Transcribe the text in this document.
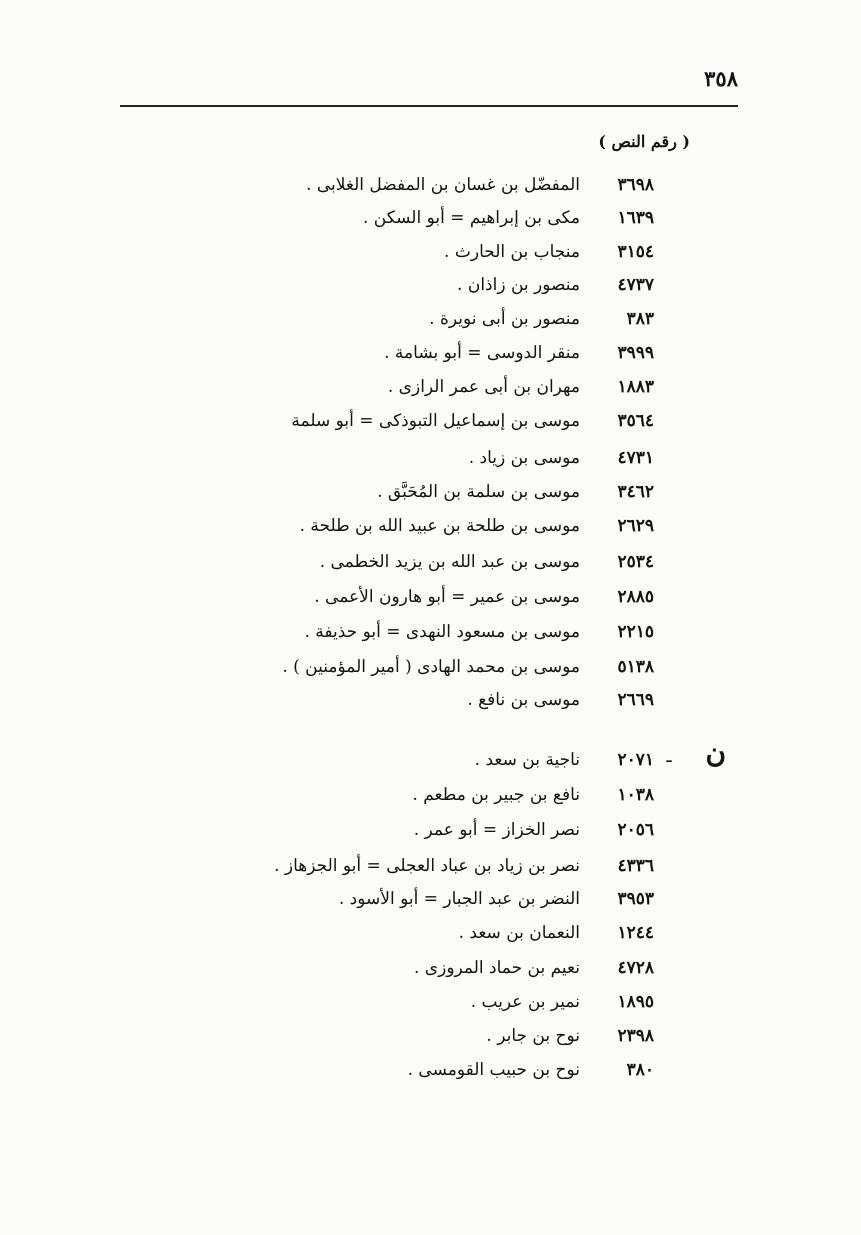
٣٥٨
( رقم النص )
ن
ـ
٣٦٩٨
المفضّل بن غسان بن المفضل الغلابى .
١٦٣٩
مكى بن إبراهيم = أبو السكن .
٣١٥٤
منجاب بن الحارث .
٤٧٣٧
منصور بن زاذان .
٣٨٣
منصور بن أبى نويرة .
٣٩٩٩
منقر الدوسى = أبو بشامة .
١٨٨٣
مهران بن أبى عمر الرازى .
٣٥٦٤
موسى بن إسماعيل التبوذكى = أبو سلمة
٤٧٣١
موسى بن زياد .
٣٤٦٢
موسى بن سلمة بن المُحَبَّق .
٢٦٢٩
موسى بن طلحة بن عبيد الله بن طلحة .
٢٥٣٤
موسى بن عبد الله بن يزيد الخطمى .
٢٨٨٥
موسى بن عمير = أبو هارون الأعمى .
٢٢١٥
موسى بن مسعود النهدى = أبو حذيفة .
٥١٣٨
موسى بن محمد الهادى ( أمير المؤمنين ) .
٢٦٦٩
موسى بن نافع .
٢٠٧١
ناجية بن سعد .
١٠٣٨
نافع بن جبير بن مطعم .
٢٠٥٦
نصر الخزاز = أبو عمر .
٤٣٣٦
نصر بن زياد بن عباد العجلى = أبو الجزهاز .
٣٩٥٣
النضر بن عبد الجبار = أبو الأسود .
١٢٤٤
النعمان بن سعد .
٤٧٢٨
نعيم بن حماد المروزى .
١٨٩٥
نمير بن عريب .
٢٣٩٨
نوح بن جابر .
٣٨٠
نوح بن حبيب القومسى .
